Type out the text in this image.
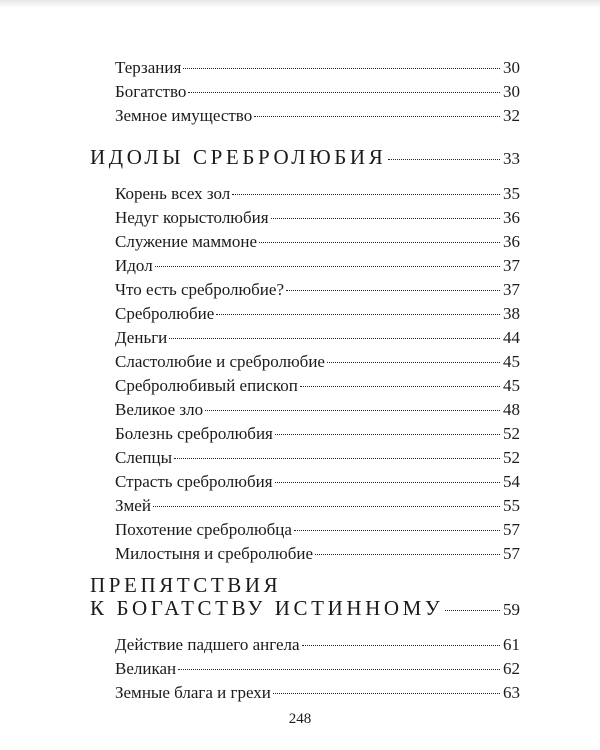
Терзания	30
Богатство	30
Земное имущество	32
ИДОЛЫ СРЕБРОЛЮБИЯ	33
Корень всех зол	35
Недуг корыстолюбия	36
Служение маммоне	36
Идол	37
Что есть сребролюбие?	37
Сребролюбие	38
Деньги	44
Сластолюбие и сребролюбие	45
Сребролюбивый епископ	45
Великое зло	48
Болезнь сребролюбия	52
Слепцы	52
Страсть сребролюбия	54
Змей	55
Похотение сребролюбца	57
Милостыня и сребролюбие	57
ПРЕПЯТСТВИЯ
К БОГАТСТВУ ИСТИННОМУ	59
Действие падшего ангела	61
Великан	62
Земные блага и грехи	63
248
